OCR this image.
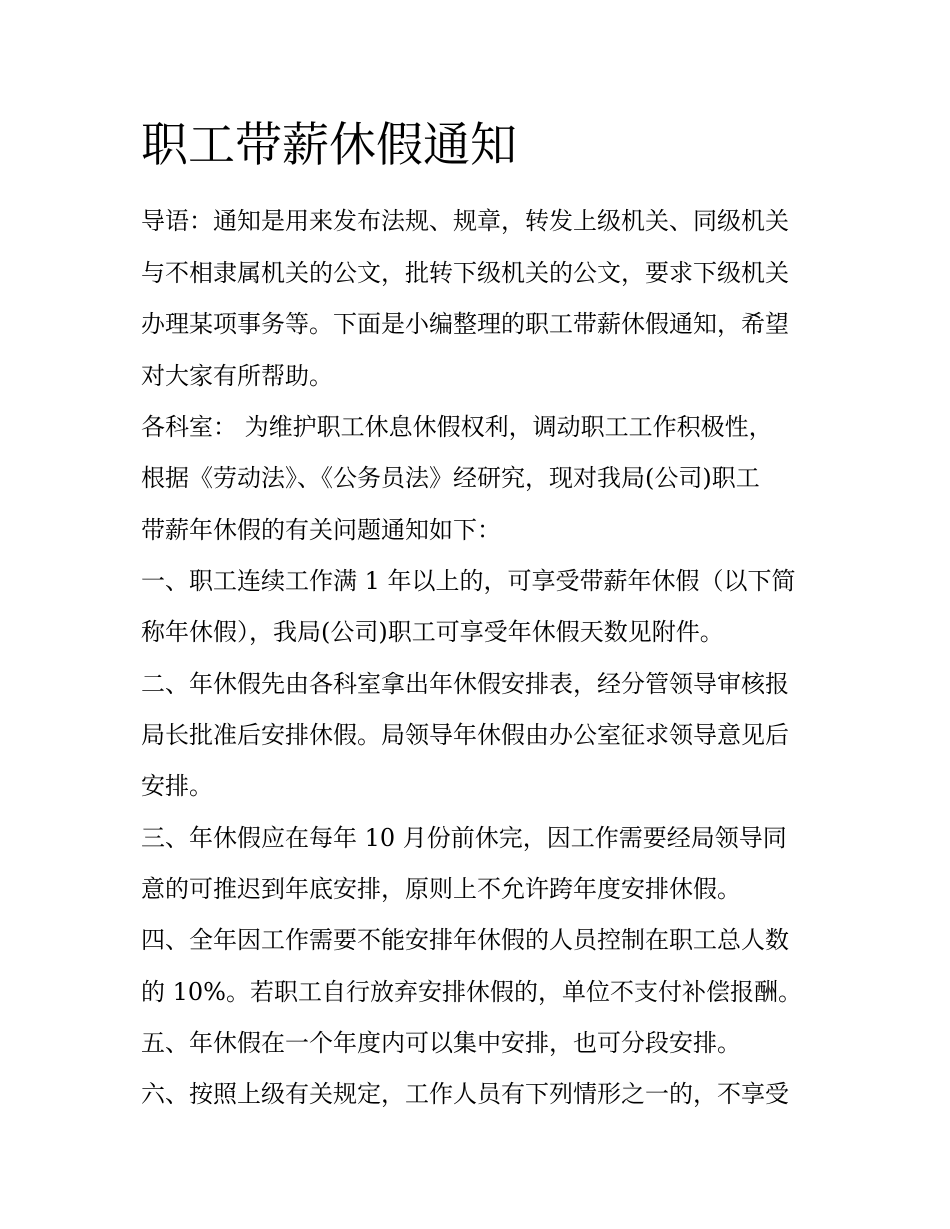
职工带薪休假通知
导语：通知是用来发布法规、规章，转发上级机关、同级机关
与不相隶属机关的公文，批转下级机关的公文，要求下级机关
办理某项事务等。下面是小编整理的职工带薪休假通知，希望
对大家有所帮助。
各科室： 为维护职工休息休假权利，调动职工工作积极性，
根据《劳动法》、《公务员法》经研究，现对我局(公司)职工
带薪年休假的有关问题通知如下：
一、职工连续工作满 1 年以上的，可享受带薪年休假（以下简
称年休假），我局(公司)职工可享受年休假天数见附件。
二、年休假先由各科室拿出年休假安排表，经分管领导审核报
局长批准后安排休假。局领导年休假由办公室征求领导意见后
安排。
三、年休假应在每年 10 月份前休完，因工作需要经局领导同
意的可推迟到年底安排，原则上不允许跨年度安排休假。
四、全年因工作需要不能安排年休假的人员控制在职工总人数
的 10%。若职工自行放弃安排休假的，单位不支付补偿报酬。
五、年休假在一个年度内可以集中安排，也可分段安排。
六、按照上级有关规定，工作人员有下列情形之一的，不享受
